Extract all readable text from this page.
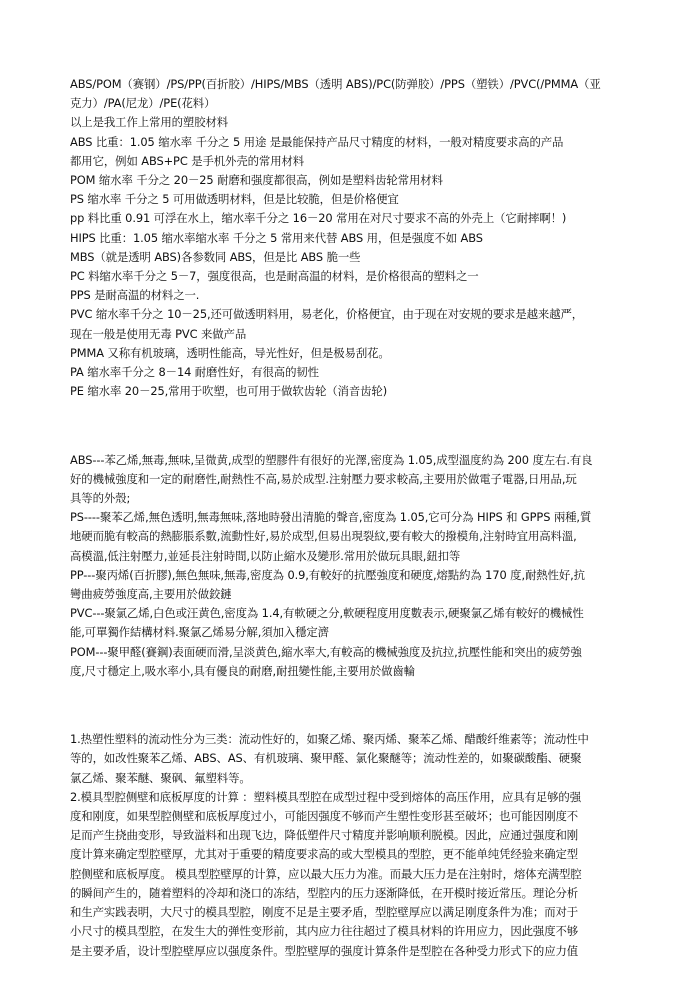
ABS/POM（赛钢）/PS/PP(百折胶）/HIPS/MBS（透明 ABS)/PC(防弹胶）/PPS（塑铁）/PVC(/PMMA（亚
克力）/PA(尼龙）/PE(花料）
以上是我工作上常用的塑胶材料
ABS 比重：1.05 缩水率 千分之 5 用途 是最能保持产品尺寸精度的材料，一般对精度要求高的产品
都用它，例如 ABS+PC 是手机外壳的常用材料
POM 缩水率 千分之 20－25 耐磨和强度都很高，例如是塑料齿轮常用材料
PS 缩水率 千分之 5 可用做透明材料，但是比较脆，但是价格便宜
pp 料比重 0.91 可浮在水上，缩水率千分之 16－20 常用在对尺寸要求不高的外壳上（它耐摔啊！)
HIPS 比重：1.05 缩水率缩水率 千分之 5 常用来代替 ABS 用，但是强度不如 ABS
MBS（就是透明 ABS)各参数同 ABS，但是比 ABS 脆一些
PC 料缩水率千分之 5－7，强度很高，也是耐高温的材料，是价格很高的塑料之一
PPS 是耐高温的材料之一.
PVC 缩水率千分之 10－25,还可做透明料用，易老化，价格便宜，由于现在对安规的要求是越来越严，
现在一般是使用无毒 PVC 来做产品
PMMA 又称有机玻璃，透明性能高，导光性好，但是极易刮花。
PA 缩水率千分之 8－14 耐磨性好，有很高的韧性
PE 缩水率 20－25,常用于吹塑，也可用于做软齿轮（消音齿轮)
ABS---苯乙烯,無毒,無味,呈微黄,成型的塑膠件有很好的光澤,密度為 1.05,成型溫度約為 200 度左右.有良
好的機械強度和一定的耐磨性,耐熱性不高,易於成型.注射壓力要求較高,主要用於做電子電器,日用品,玩
具等的外殼;
PS----聚苯乙烯,無色透明,無毒無味,落地時發出清脆的聲音,密度為 1.05,它可分為 HIPS 和 GPPS 兩種,質
地硬而脆有較高的熱膨脹系數,流動性好,易於成型,但易出現裂紋,要有較大的撥模角,注射時宜用高料溫,
高模溫,低注射壓力,並延長注射時間,以防止縮水及變形.常用於做玩具眼,鈕扣等
PP---聚丙烯(百折膠),無色無味,無毒,密度為 0.9,有較好的抗壓強度和硬度,熔點約為 170 度,耐熱性好,抗
彎曲疲勞強度高,主要用於做鉸鏈
PVC---聚氯乙烯,白色或汪黄色,密度為 1.4,有軟硬之分,軟硬程度用度數表示,硬聚氯乙烯有較好的機械性
能,可單獨作結構材料.聚氯乙烯易分解,須加入穩定濟
POM---聚甲醛(賽鋼)表面硬而滑,呈淡黄色,縮水率大,有較高的機械強度及抗拉,抗壓性能和突出的疲勞強
度,尺寸穩定上,吸水率小,具有優良的耐磨,耐扭變性能,主要用於做齒輪
1.热塑性塑料的流动性分为三类：流动性好的，如聚乙烯、聚丙烯、聚苯乙烯、醋酸纤维素等；流动性中
等的，如改性聚苯乙烯、ABS、AS、有机玻璃、聚甲醛、氯化聚醚等；流动性差的，如聚碳酸酯、硬聚
氯乙烯、聚苯醚、聚砜、氟塑料等。
2.模具型腔侧壁和底板厚度的计算 ：塑料模具型腔在成型过程中受到熔体的高压作用，应具有足够的强
度和刚度，如果型腔侧壁和底板厚度过小，可能因强度不够而产生塑性变形甚至破坏；也可能因刚度不
足而产生挠曲变形，导致溢料和出现飞边，降低塑件尺寸精度并影响顺利脱模。因此，应通过强度和刚
度计算来确定型腔壁厚，尤其对于重要的精度要求高的或大型模具的型腔，更不能单纯凭经验来确定型
腔侧壁和底板厚度。 模具型腔壁厚的计算，应以最大压力为准。而最大压力是在注射时，熔体充满型腔
的瞬间产生的，随着塑料的冷却和浇口的冻结，型腔内的压力逐渐降低，在开模时接近常压。理论分析
和生产实践表明，大尺寸的模具型腔，刚度不足是主要矛盾，型腔壁厚应以满足刚度条件为准；而对于
小尺寸的模具型腔，在发生大的弹性变形前，其内应力往往超过了模具材料的许用应力，因此强度不够
是主要矛盾，设计型腔壁厚应以强度条件。型腔壁厚的强度计算条件是型腔在各种受力形式下的应力值
